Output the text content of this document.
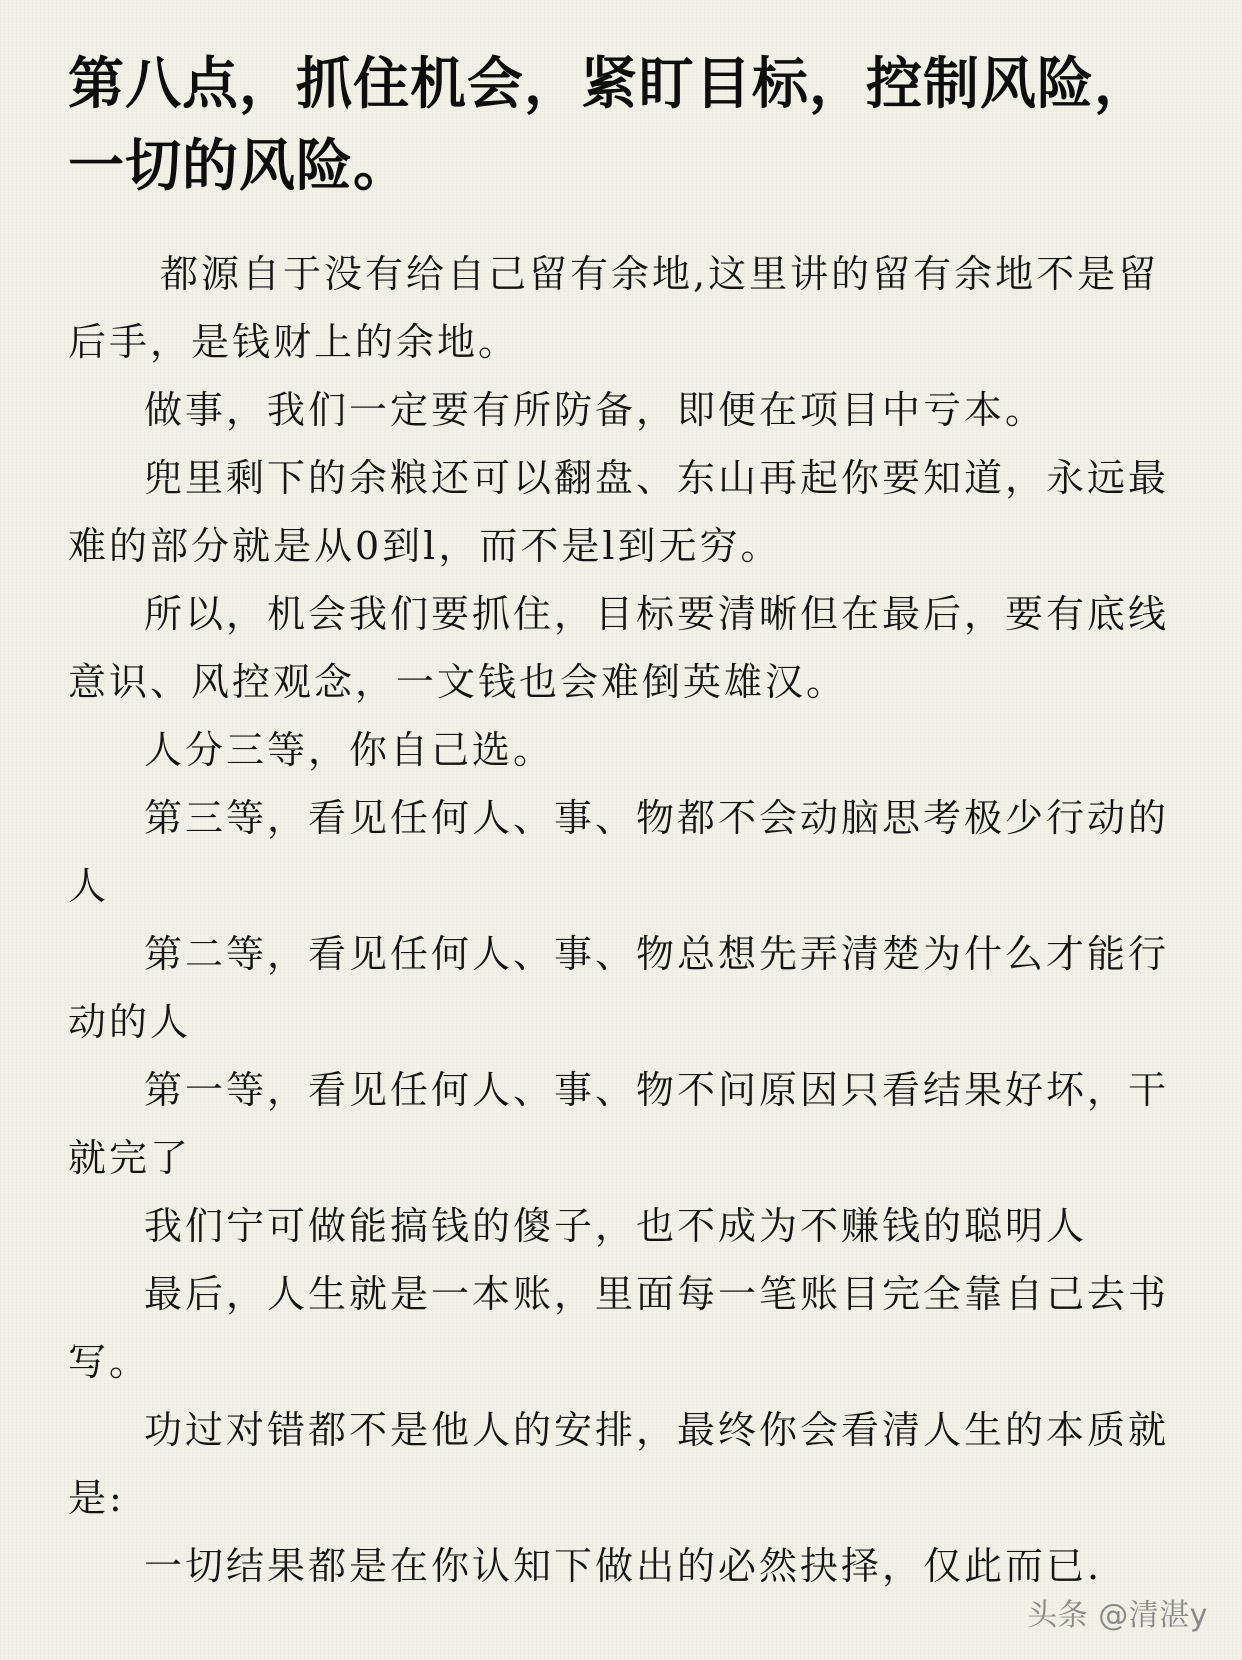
第八点，抓住机会，紧盯目标，控制风险，一切的风险。

都源自于没有给自己留有余地,这里讲的留有余地不是留后手，是钱财上的余地。

做事，我们一定要有所防备，即便在项目中亏本。

兜里剩下的余粮还可以翻盘、东山再起你要知道，永远最难的部分就是从0到l，而不是l到无穷。

所以，机会我们要抓住，目标要清晰但在最后，要有底线意识、风控观念，一文钱也会难倒英雄汉。

人分三等，你自己选。

第三等，看见任何人、事、物都不会动脑思考极少行动的人

第二等，看见任何人、事、物总想先弄清楚为什么才能行动的人

第一等，看见任何人、事、物不问原因只看结果好坏，干就完了

我们宁可做能搞钱的傻子，也不成为不赚钱的聪明人

最后，人生就是一本账，里面每一笔账目完全靠自己去书写。

功过对错都不是他人的安排，最终你会看清人生的本质就是:

一切结果都是在你认知下做出的必然抉择，仅此而已.

头条 @清湛y
